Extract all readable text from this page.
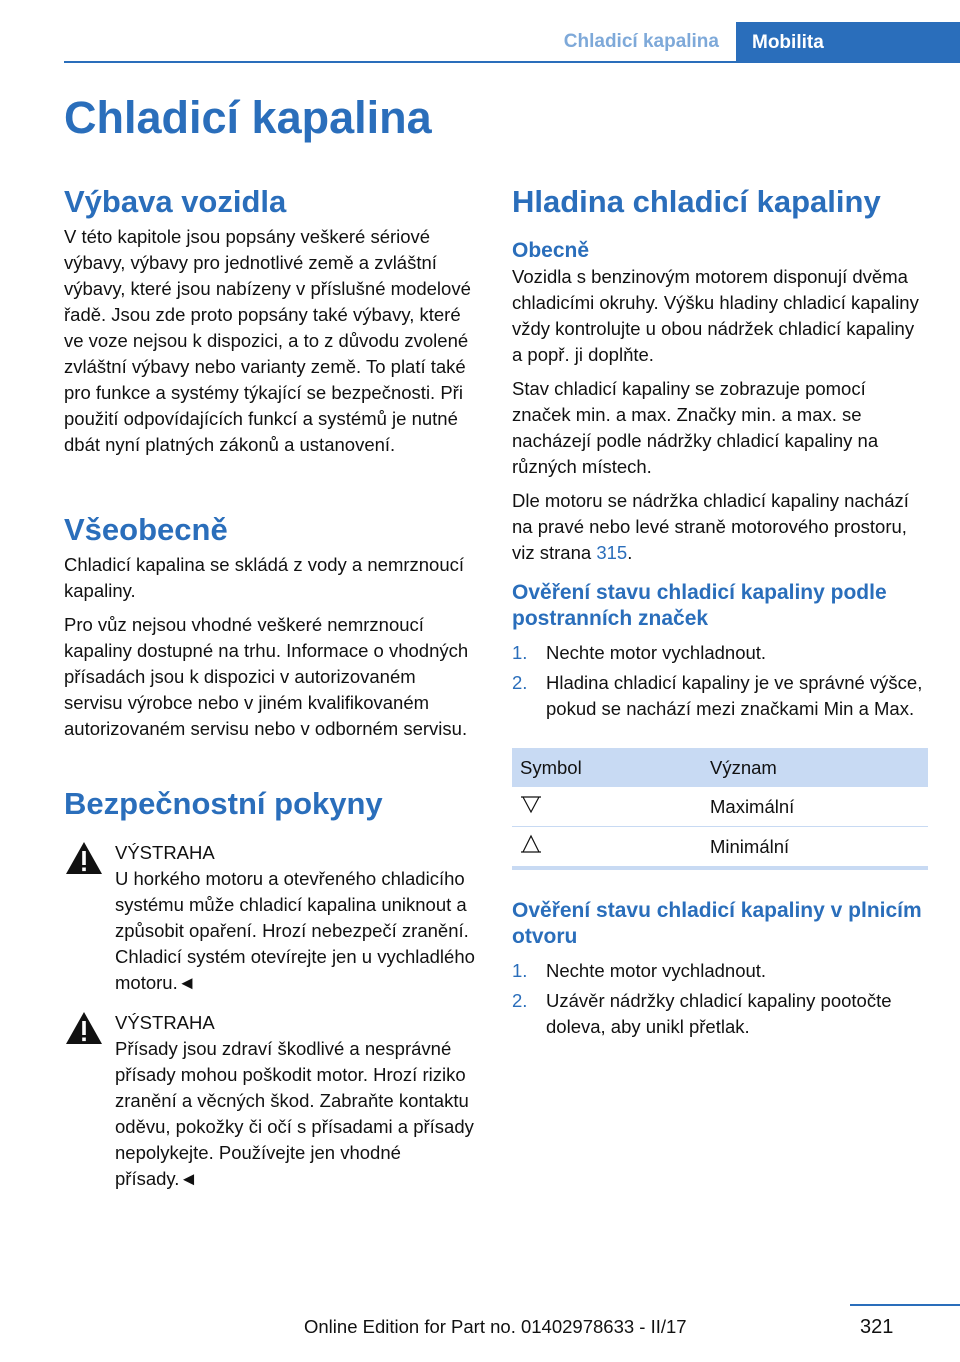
Chladicí kapalina	Mobilita
Chladicí kapalina
Výbava vozidla

V této kapitole jsou popsány veškeré sériové výbavy, výbavy pro jednotlivé země a zvláštní výbavy, které jsou nabízeny v příslušné modelové řadě. Jsou zde proto popsány také výbavy, které ve voze nejsou k dispozici, a to z důvodu zvolené zvláštní výbavy nebo varianty země. To platí také pro funkce a systémy týkající se bezpečnosti. Při použití odpovídajících funkcí a systémů je nutné dbát nyní platných zákonů a ustanovení.

Všeobecně

Chladicí kapalina se skládá z vody a nemrznoucí kapaliny.

Pro vůz nejsou vhodné veškeré nemrznoucí kapaliny dostupné na trhu. Informace o vhodných přísadách jsou k dispozici v autorizovaném servisu výrobce nebo v jiném kvalifikovaném autorizovaném servisu nebo v odborném servisu.

Bezpečnostní pokyny

VÝSTRAHA

U horkého motoru a otevřeného chladicího systému může chladicí kapalina uniknout a způsobit opaření. Hrozí nebezpečí zranění. Chladicí systém otevírejte jen u vychladlého motoru.◄

VÝSTRAHA

Přísady jsou zdraví škodlivé a nesprávné přísady mohou poškodit motor. Hrozí riziko zranění a věcných škod. Zabraňte kontaktu oděvu, pokožky či očí s přísadami a přísady nepolykejte. Používejte jen vhodné přísady.◄

Hladina chladicí kapaliny
Obecně

Vozidla s benzinovým motorem disponují dvěma chladicími okruhy. Výšku hladiny chladicí kapaliny vždy kontrolujte u obou nádržek chladicí kapaliny a popř. ji doplňte.

Stav chladicí kapaliny se zobrazuje pomocí značek min. a max. Značky min. a max. se nacházejí podle nádržky chladicí kapaliny na různých místech.

Dle motoru se nádržka chladicí kapaliny nachází na pravé nebo levé straně motorového prostoru, viz strana 315.

Ověření stavu chladicí kapaliny podle postranních značek
1. Nechte motor vychladnout.
2. Hladina chladicí kapaliny je ve správné výšce, pokud se nachází mezi značkami Min a Max.
Symbol	Význam
	Maximální
	Minimální
Ověření stavu chladicí kapaliny v plnicím otvoru
1. Nechte motor vychladnout.
2. Uzávěr nádržky chladicí kapaliny pootočte doleva, aby unikl přetlak.
321
Online Edition for Part no. 01402978633 - II/17
